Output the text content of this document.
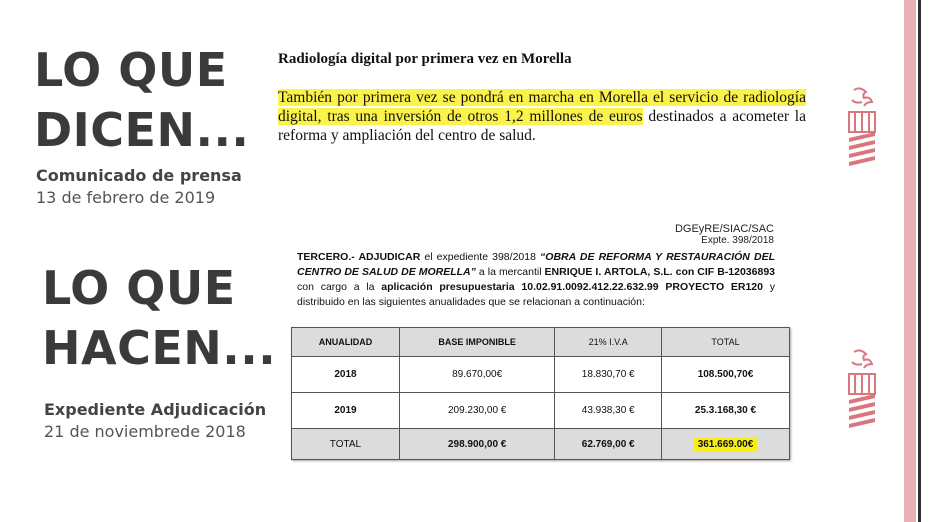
LO QUE
DICEN...
Comunicado de prensa
13 de febrero de 2019
LO QUE
HACEN...
Expediente Adjudicación
21 de noviembrede 2018
Radiología digital por primera vez en Morella
También por primera vez se pondrá en marcha en Morella el servicio de radiología digital, tras una inversión de otros 1,2 millones de euros destinados a acometer la reforma y ampliación del centro de salud.
DGEyRE/SIAC/SAC
Expte. 398/2018
TERCERO.- ADJUDICAR el expediente 398/2018 “OBRA DE REFORMA Y RESTAURACIÓN DEL CENTRO DE SALUD DE MORELLA” a la mercantil ENRIQUE I. ARTOLA, S.L. con CIF B-12036893 con cargo a la aplicación presupuestaria 10.02.91.0092.412.22.632.99 PROYECTO ER120 y distribuido en las siguientes anualidades que se relacionan a continuación:
ANUALIDAD	BASE IMPONIBLE	21% I.V.A	TOTAL
2018	89.670,00€	18.830,70 €	108.500,70€
2019	209.230,00 €	43.938,30 €	25.3.168,30 €
TOTAL	298.900,00 €	62.769,00 €	361.669.00€
